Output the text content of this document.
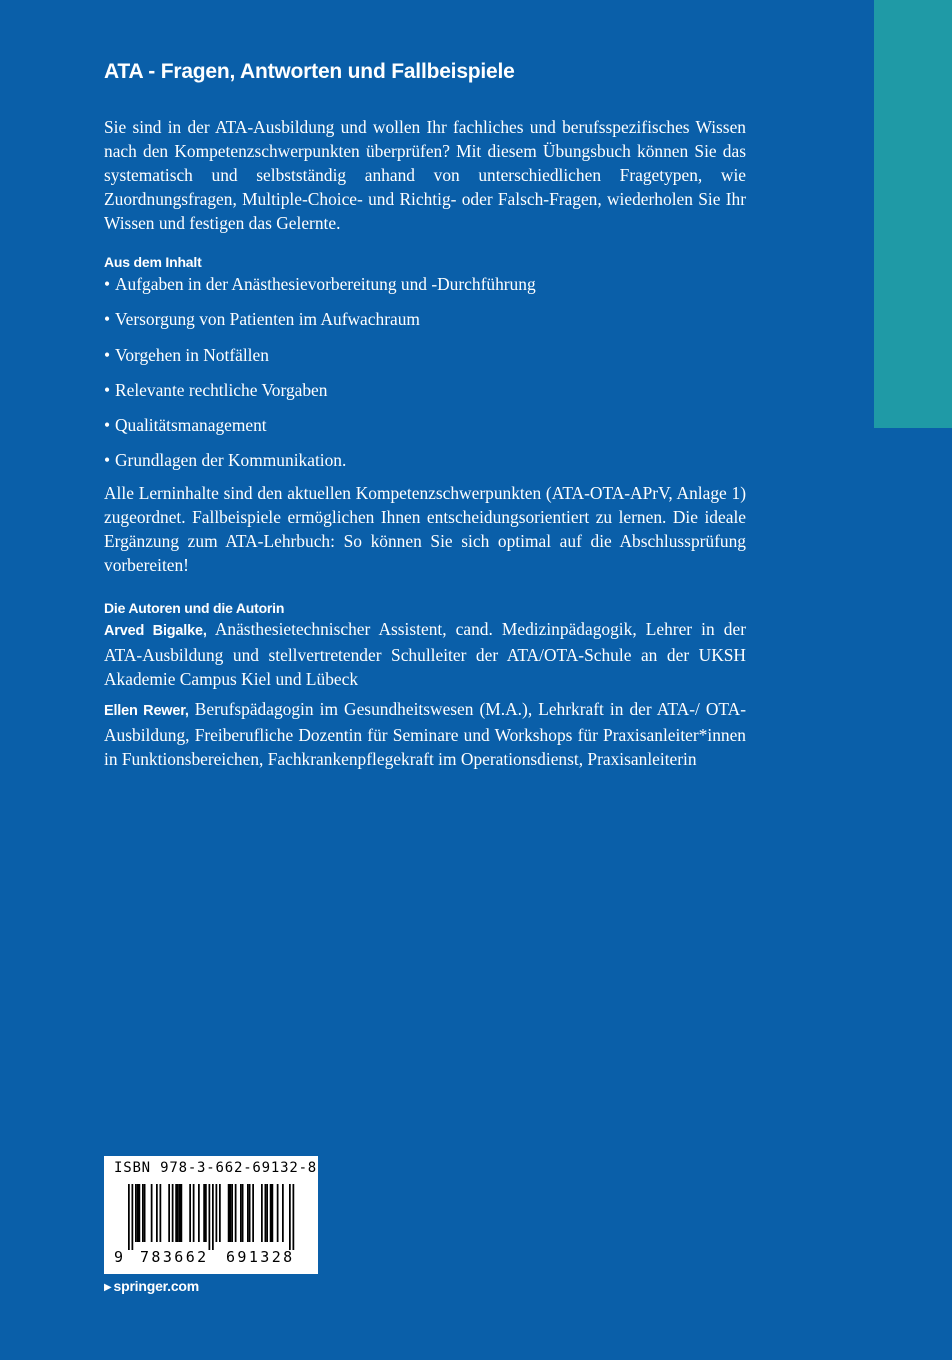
ATA - Fragen, Antworten und Fallbeispiele

Sie sind in der ATA-Ausbildung und wollen Ihr fachliches und berufsspezifisches Wissen nach den Kompetenzschwerpunkten überprüfen? Mit diesem Übungsbuch können Sie das systematisch und selbstständig anhand von unterschiedlichen Fragetypen, wie Zuordnungsfragen, Multiple-Choice- und Richtig- oder Falsch-Fragen, wiederholen Sie Ihr Wissen und festigen das Gelernte.

Aus dem Inhalt
• Aufgaben in der Anästhesievorbereitung und -Durchführung
• Versorgung von Patienten im Aufwachraum
• Vorgehen in Notfällen
• Relevante rechtliche Vorgaben
• Qualitätsmanagement
• Grundlagen der Kommunikation.

Alle Lerninhalte sind den aktuellen Kompetenzschwerpunkten (ATA-OTA-APrV, Anlage 1) zugeordnet. Fallbeispiele ermöglichen Ihnen entscheidungsorientiert zu lernen. Die ideale Ergänzung zum ATA-Lehrbuch: So können Sie sich optimal auf die Abschlussprüfung vorbereiten!

Die Autoren und die Autorin

Arved Bigalke, Anästhesietechnischer Assistent, cand. Medizinpädagogik, Lehrer in der ATA-Ausbildung und stellvertretender Schulleiter der ATA/OTA-Schule an der UKSH Akademie Campus Kiel und Lübeck

Ellen Rewer, Berufspädagogin im Gesundheitswesen (M.A.), Lehrkraft in der ATA-/ OTA-Ausbildung, Freiberufliche Dozentin für Seminare und Workshops für Praxisanleiter*innen in Funktionsbereichen, Fachkrankenpflegekraft im Operationsdienst, Praxisanleiterin

ISBN 978-3-662-69132-8
9 783662 691328
▶ springer.com
